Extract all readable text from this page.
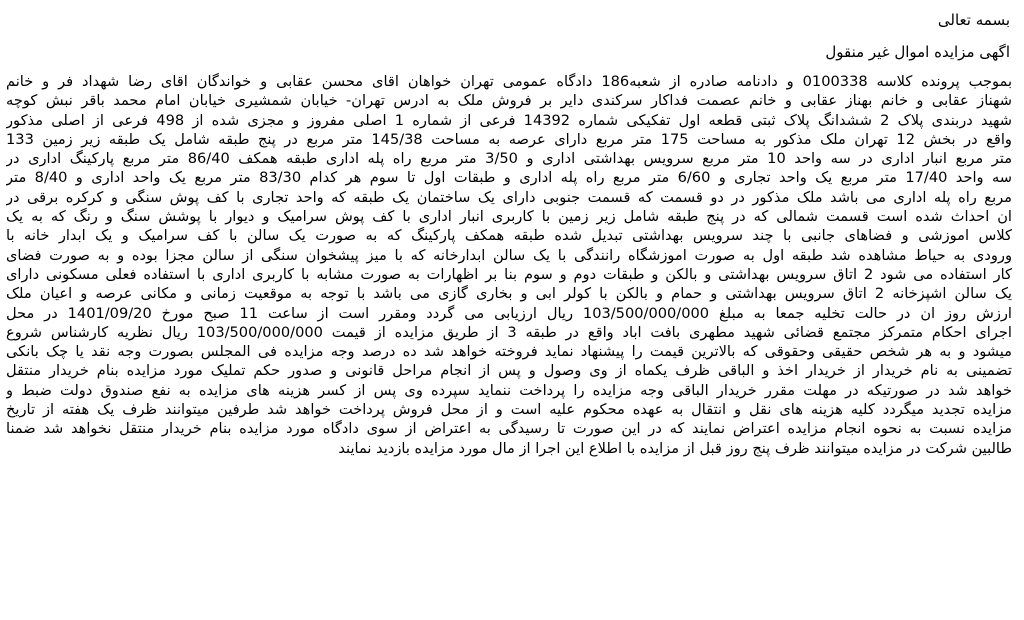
بسمه تعالی
اگهی مزایده اموال غیر منقول
بموجب پرونده کلاسه 0100338 و دادنامه صادره از شعبه186 دادگاه عمومی تهران خواهان اقای محسن عقابی و خواندگان اقای رضا شهداد فر و خانم
شهناز عقابی و خانم بهناز عقابی و خانم عصمت فداکار سرکندی دایر بر فروش ملک به ادرس تهران- خیابان شمشیری خیابان امام محمد باقر نبش کوچه
شهید دربندی پلاک 2 ششدانگ پلاک ثبتی قطعه اول تفکیکی شماره 14392 فرعی از شماره 1 اصلی مفروز و مجزی شده از 498 فرعی از اصلی مذکور
واقع در بخش 12 تهران ملک مذکور به مساحت 175 متر مربع دارای عرصه به مساحت 145/38 متر مربع در پنج طبقه شامل یک طبقه زیر زمین 133
متر مربع انبار اداری در سه واحد 10 متر مربع سرویس بهداشتی اداری و 3/50 متر مربع راه پله اداری طبقه همکف 86/40 متر مربع پارکینگ اداری در
سه واحد 17/40 متر مربع یک واحد تجاری و 6/60 متر مربع راه پله اداری و طبقات اول تا سوم هر کدام 83/30 متر مربع یک واحد اداری و 8/40 متر
مربع راه پله اداری می باشد ملک مذکور در دو قسمت که قسمت جنوبی دارای یک ساختمان یک طبقه که واحد تجاری با کف پوش سنگی و کرکره برقی در
ان احداث شده است قسمت شمالی که در پنج طبقه شامل زیر زمین با کاربری انبار اداری با کف پوش سرامیک و دیوار با پوشش سنگ و رنگ که به یک
کلاس اموزشی و فضاهای جانبی با چند سرویس بهداشتی تبدیل شده طبقه همکف پارکینگ که به صورت یک سالن با کف سرامیک و یک ابدار خانه با
ورودی به حیاط مشاهده شد طبقه اول به صورت اموزشگاه رانندگی با یک سالن ابدارخانه که با میز پیشخوان سنگی از سالن مجزا بوده و به صورت فضای
کار استفاده می شود 2 اتاق سرویس بهداشتی و بالکن و طبقات دوم و سوم بنا بر اظهارات به صورت مشابه با کاربری اداری با استفاده فعلی مسکونی دارای
یک سالن اشپزخانه 2 اتاق سرویس بهداشتی و حمام و بالکن با کولر ابی و بخاری گازی می باشد با توجه به موقعیت زمانی و مکانی عرصه و اعیان ملک
ارزش روز ان در حالت تخلیه جمعا به مبلغ 103/500/000/000 ریال ارزیابی می گردد ومقرر است از ساعت 11 صبح مورخ 1401/09/20 در محل
اجرای احکام متمرکز مجتمع قضائی شهید مطهری بافت اباد واقع در طبقه 3 از طریق مزایده از قیمت 103/500/000/000 ریال نظریه کارشناس شروع
میشود و به هر شخص حقیقی وحقوقی که بالاترین قیمت را پیشنهاد نماید فروخته خواهد شد ده درصد وجه مزایده فی المجلس بصورت وجه نقد یا چک بانکی
تضمینی به نام خریدار از خریدار اخذ و الباقی ظرف یکماه از وی وصول و پس از انجام مراحل قانونی و صدور حکم تملیک مورد مزایده بنام خریدار منتقل
خواهد شد در صورتیکه در مهلت مقرر خریدار الباقی وجه مزایده را پرداخت ننماید سپرده وی پس از کسر هزینه های مزایده به نفع صندوق دولت ضبط و
مزایده تجدید میگردد کلیه هزینه های نقل و انتقال به عهده محکوم علیه است و از محل فروش پرداخت خواهد شد طرفین میتوانند ظرف یک هفته از تاریخ
مزایده نسبت به نحوه انجام مزایده اعتراض نمایند که در این صورت تا رسیدگی به اعتراض از سوی دادگاه مورد مزایده بنام خریدار منتقل نخواهد شد ضمنا
طالبین شرکت در مزایده میتوانند ظرف پنج روز قبل از مزایده با اطلاع این اجرا از مال مورد مزایده بازدید نمایند
